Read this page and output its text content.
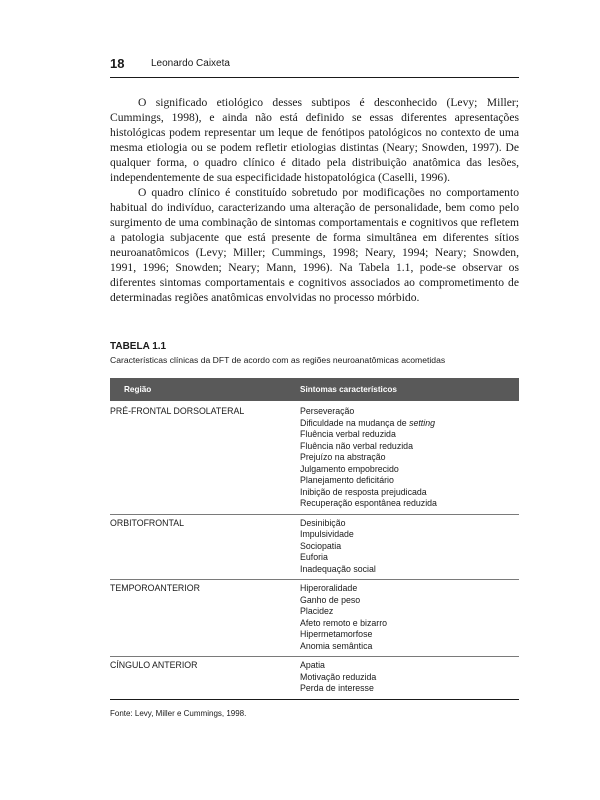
18	Leonardo Caixeta

O significado etiológico desses subtipos é desconhecido (Levy; Miller; Cummings, 1998), e ainda não está definido se essas diferentes apresentações histológicas podem representar um leque de fenótipos patológicos no contexto de uma mesma etiologia ou se podem refletir etiologias distintas (Neary; Snowden, 1997). De qualquer forma, o quadro clínico é ditado pela distribuição anatômica das lesões, independentemente de sua especificidade histopatológica (Caselli, 1996).

O quadro clínico é constituído sobretudo por modificações no comportamento habitual do indivíduo, caracterizando uma alteração de personalidade, bem como pelo surgimento de uma combinação de sintomas comportamentais e cognitivos que refletem a patologia subjacente que está presente de forma simultânea em diferentes sítios neuroanatômicos (Levy; Miller; Cummings, 1998; Neary, 1994; Neary; Snowden, 1991, 1996; Snowden; Neary; Mann, 1996). Na Tabela 1.1, pode-se observar os diferentes sintomas comportamentais e cognitivos associados ao comprometimento de determinadas regiões anatômicas envolvidas no processo mórbido.

TABELA 1.1
Características clínicas da DFT de acordo com as regiões neuroanatômicas acometidas
Região	Sintomas característicos
PRÉ-FRONTAL DORSOLATERAL	Perseveração
Dificuldade na mudança de setting
Fluência verbal reduzida
Fluência não verbal reduzida
Prejuízo na abstração
Julgamento empobrecido
Planejamento deficitário
Inibição de resposta prejudicada
Recuperação espontânea reduzida
ORBITOFRONTAL	Desinibição
Impulsividade
Sociopatia
Euforia
Inadequação social
TEMPOROANTERIOR	Hiperoralidade
Ganho de peso
Placidez
Afeto remoto e bizarro
Hipermetamorfose
Anomia semântica
CÍNGULO ANTERIOR	Apatia
Motivação reduzida
Perda de interesse
Fonte: Levy, Miller e Cummings, 1998.
